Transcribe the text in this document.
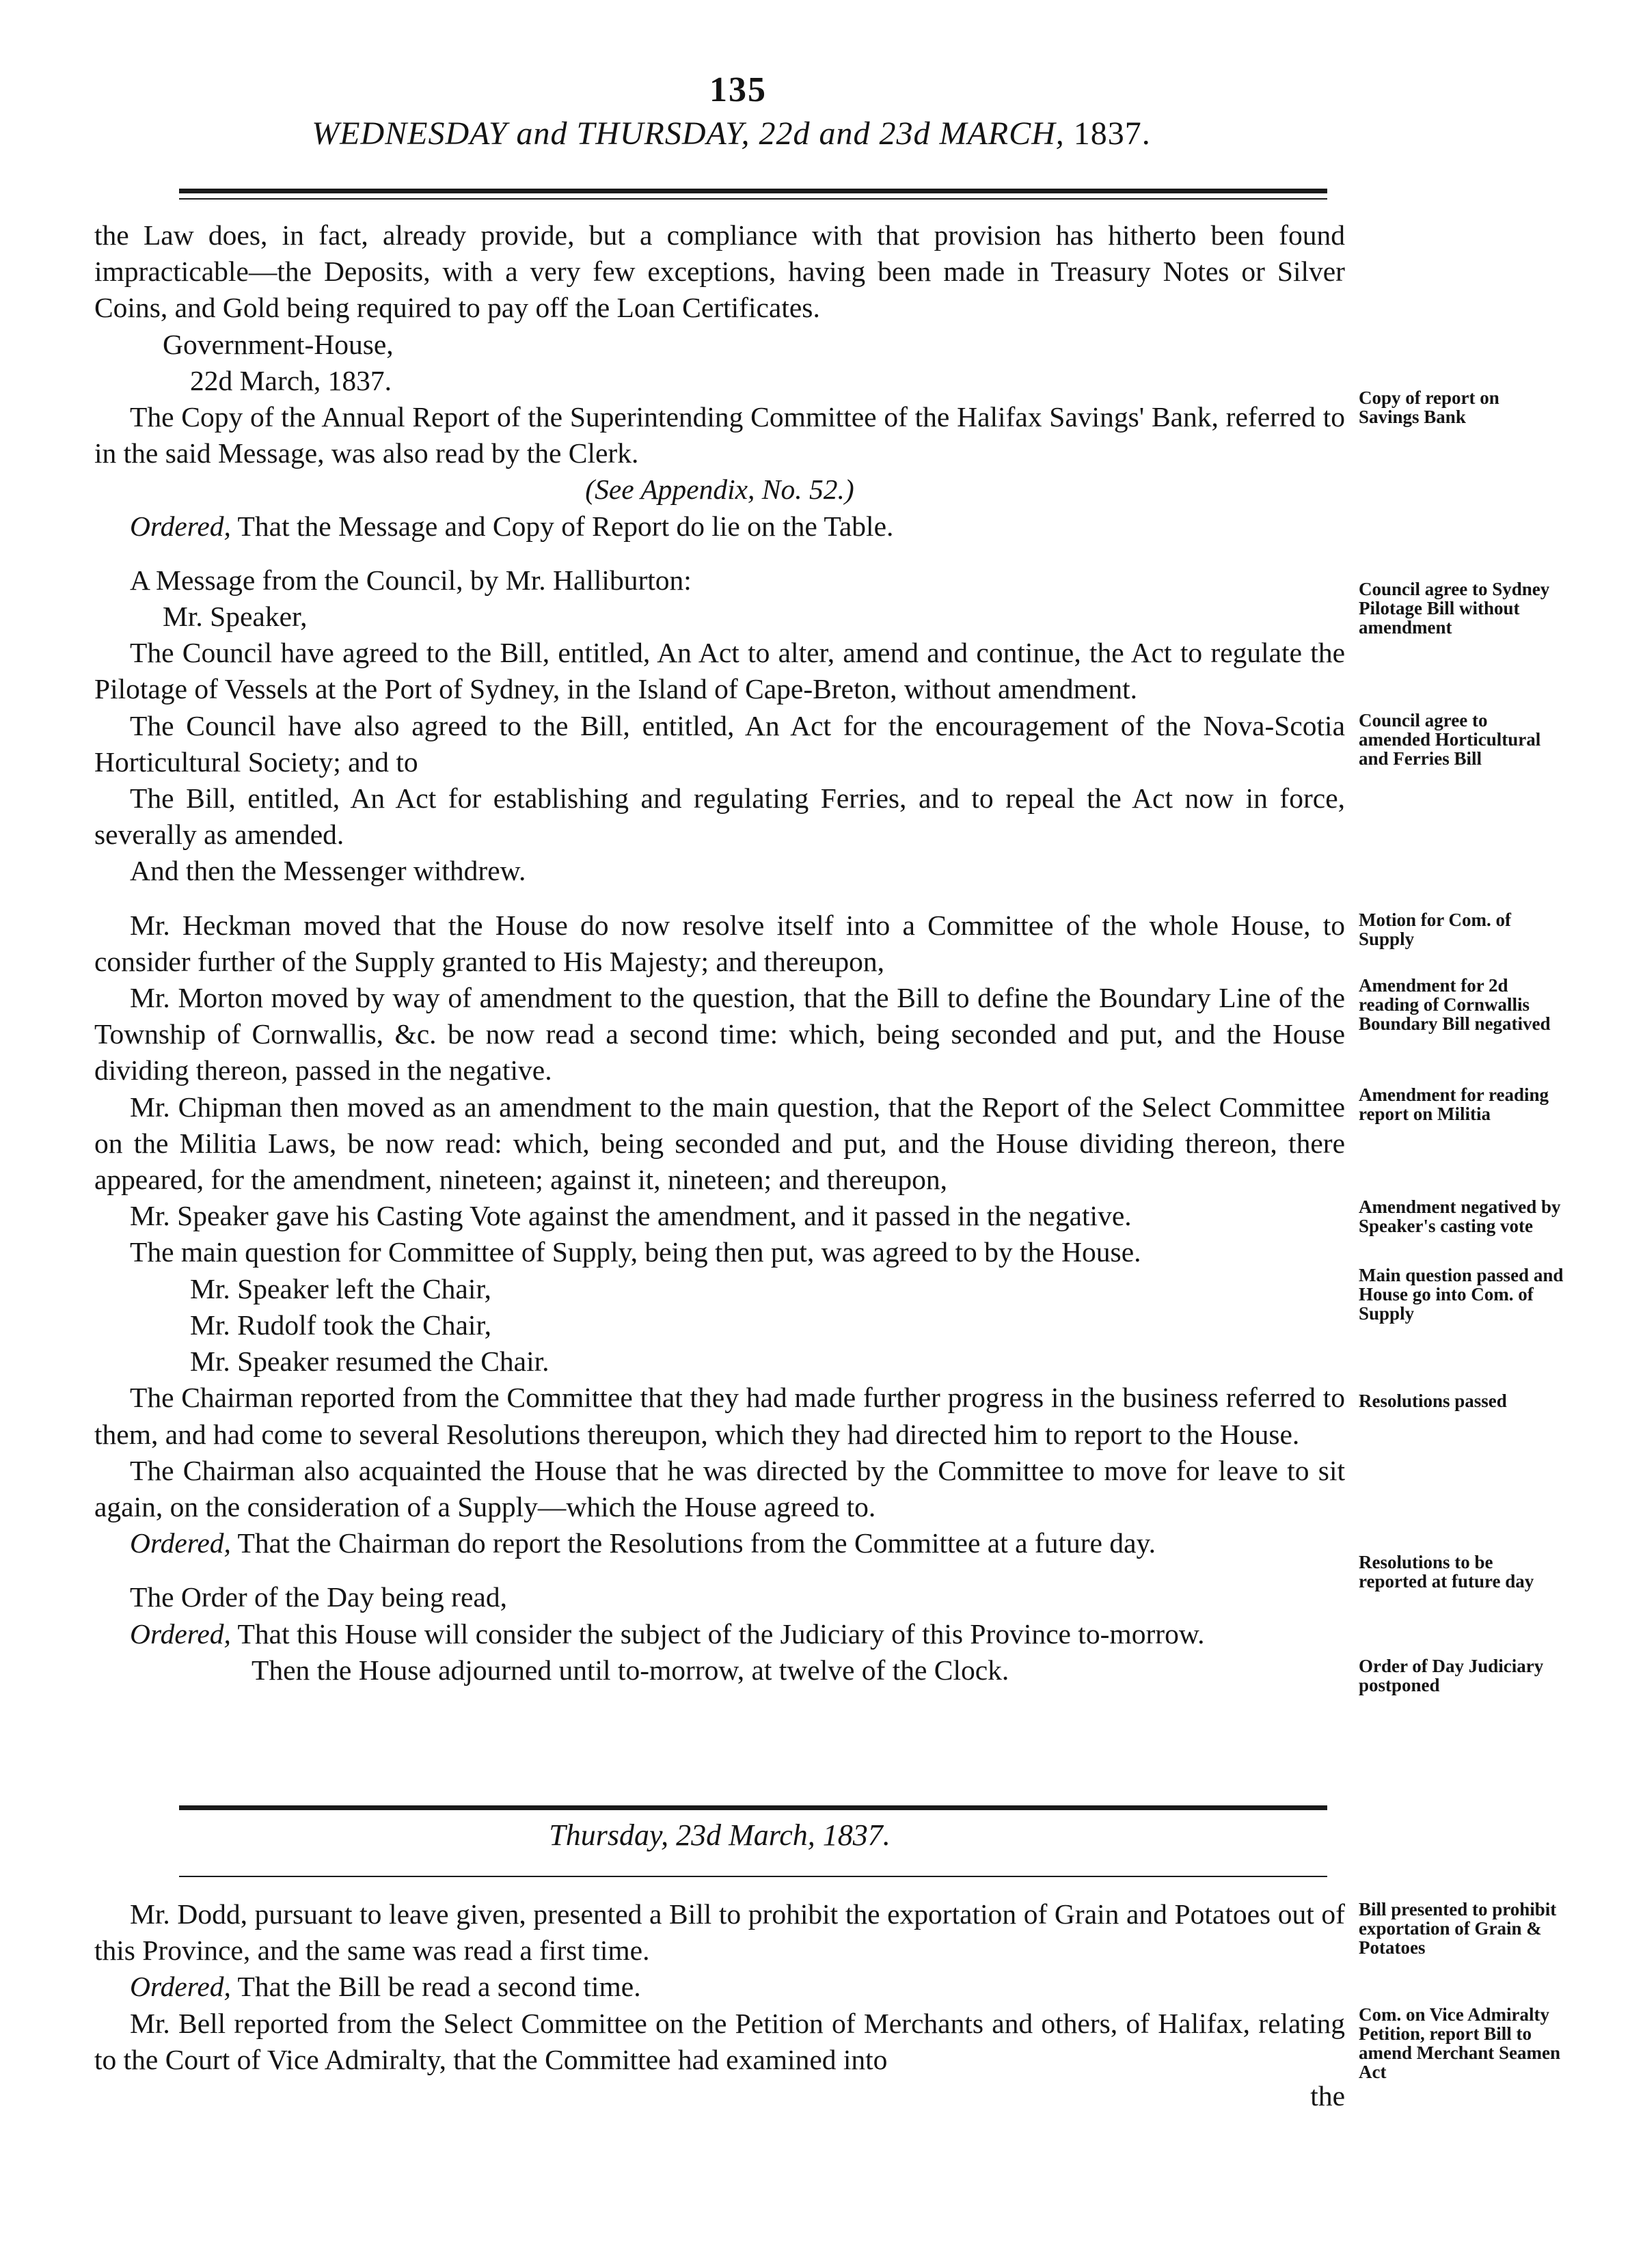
135
WEDNESDAY and THURSDAY, 22d and 23d MARCH, 1837.

the Law does, in fact, already provide, but a compliance with that provision has hitherto been found impracticable—the Deposits, with a very few exceptions, having been made in Treasury Notes or Silver Coins, and Gold being required to pay off the Loan Certificates.

Government-House,

22d March, 1837.

The Copy of the Annual Report of the Superintending Committee of the Halifax Savings' Bank, referred to in the said Message, was also read by the Clerk.

(See Appendix, No. 52.)

Ordered, That the Message and Copy of Report do lie on the Table.

A Message from the Council, by Mr. Halliburton:

Mr. Speaker,

The Council have agreed to the Bill, entitled, An Act to alter, amend and continue, the Act to regulate the Pilotage of Vessels at the Port of Sydney, in the Island of Cape-Breton, without amendment.

The Council have also agreed to the Bill, entitled, An Act for the encouragement of the Nova-Scotia Horticultural Society; and to

The Bill, entitled, An Act for establishing and regulating Ferries, and to repeal the Act now in force, severally as amended.

And then the Messenger withdrew.

Mr. Heckman moved that the House do now resolve itself into a Committee of the whole House, to consider further of the Supply granted to His Majesty; and thereupon,

Mr. Morton moved by way of amendment to the question, that the Bill to define the Boundary Line of the Township of Cornwallis, &c. be now read a second time: which, being seconded and put, and the House dividing thereon, passed in the negative.

Mr. Chipman then moved as an amendment to the main question, that the Report of the Select Committee on the Militia Laws, be now read: which, being seconded and put, and the House dividing thereon, there appeared, for the amendment, nineteen; against it, nineteen; and thereupon,

Mr. Speaker gave his Casting Vote against the amendment, and it passed in the negative.

The main question for Committee of Supply, being then put, was agreed to by the House.

Mr. Speaker left the Chair,

Mr. Rudolf took the Chair,

Mr. Speaker resumed the Chair.

The Chairman reported from the Committee that they had made further progress in the business referred to them, and had come to several Resolutions thereupon, which they had directed him to report to the House.

The Chairman also acquainted the House that he was directed by the Committee to move for leave to sit again, on the consideration of a Supply—which the House agreed to.

Ordered, That the Chairman do report the Resolutions from the Committee at a future day.

The Order of the Day being read,

Ordered, That this House will consider the subject of the Judiciary of this Province to-morrow.

Then the House adjourned until to-morrow, at twelve of the Clock.

Thursday, 23d March, 1837.

Mr. Dodd, pursuant to leave given, presented a Bill to prohibit the exportation of Grain and Potatoes out of this Province, and the same was read a first time.

Ordered, That the Bill be read a second time.

Mr. Bell reported from the Select Committee on the Petition of Merchants and others, of Halifax, relating to the Court of Vice Admiralty, that the Committee had examined into

the

Copy of report on Savings Bank
Council agree to Sydney Pilotage Bill without amendment
Council agree to amended Horticultural and Ferries Bill
Motion for Com. of Supply
Amendment for 2d reading of Cornwallis Boundary Bill negatived
Amendment for reading report on Militia
Amendment negatived by Speaker's casting vote
Main question passed and House go into Com. of Supply
Resolutions passed
Resolutions to be reported at future day
Order of Day Judiciary postponed
Bill presented to prohibit exportation of Grain & Potatoes
Com. on Vice Admiralty Petition, report Bill to amend Merchant Seamen Act
